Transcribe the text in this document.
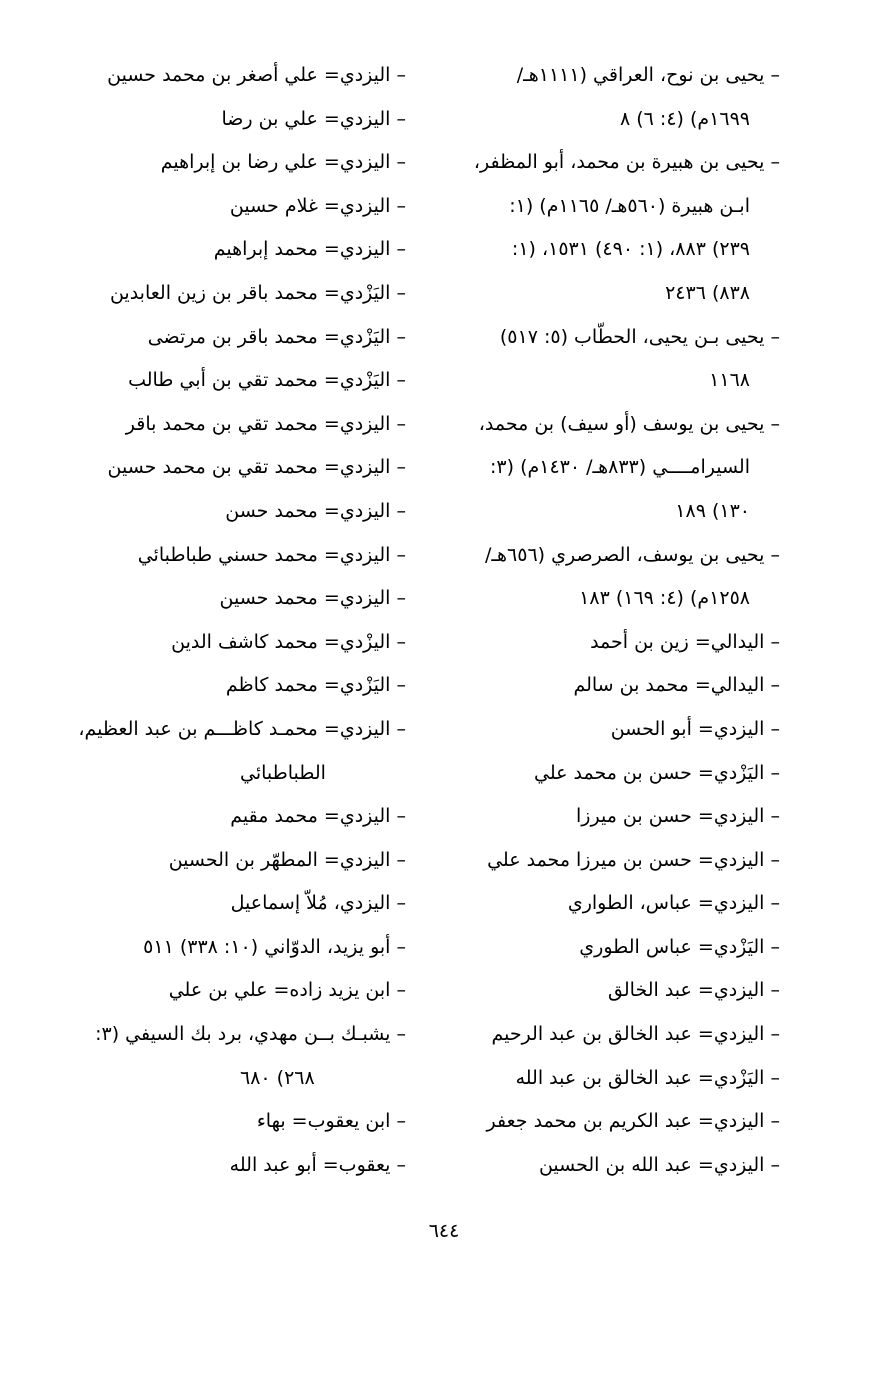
– يحيى بن نوح، العراقي (١١١١هـ/
١٦٩٩م) (٤: ٦) ٨
– يحيى بن هبيرة بن محمد، أبو المظفر،
ابـن هبيرة (٥٦٠هـ/ ١١٦٥م) (١:
٢٣٩) ٨٨٣، (١: ٤٩٠) ١٥٣١، (١:
٨٣٨) ٢٤٣٦
– يحيى بـن يحيى، الحطّاب (٥: ٥١٧)
١١٦٨
– يحيى بن يوسف (أو سيف) بن محمد،
السيرامــــي (٨٣٣هـ/ ١٤٣٠م) (٣:
١٣٠) ١٨٩
– يحيى بن يوسف، الصرصري (٦٥٦هـ/
١٢٥٨م) (٤: ١٦٩) ١٨٣
– اليدالي= زين بن أحمد
– اليدالي= محمد بن سالم
– اليزدي= أبو الحسن
– اليَزْدي= حسن بن محمد علي
– اليزدي= حسن بن ميرزا
– اليزدي= حسن بن ميرزا محمد علي
– اليزدي= عباس، الطواري
– اليَزْدي= عباس الطوري
– اليزدي= عبد الخالق
– اليزدي= عبد الخالق بن عبد الرحيم
– اليَزْدي= عبد الخالق بن عبد الله
– اليزدي= عبد الكريم بن محمد جعفر
– اليزدي= عبد الله بن الحسين
– اليزدي= علي أصغر بن محمد حسين
– اليزدي= علي بن رضا
– اليزدي= علي رضا بن إبراهيم
– اليزدي= غلام حسين
– اليزدي= محمد إبراهيم
– اليَزْدي= محمد باقر بن زين العابدين
– اليَزْدي= محمد باقر بن مرتضى
– اليَزْدي= محمد تقي بن أبي طالب
– اليزدي= محمد تقي بن محمد باقر
– اليزدي= محمد تقي بن محمد حسين
– اليزدي= محمد حسن
– اليزدي= محمد حسني طباطبائي
– اليزدي= محمد حسين
– اليزْدي= محمد كاشف الدين
– اليَزْدي= محمد كاظم
– اليزدي= محمـد كاظـــم بن عبد العظيم،
الطباطبائي
– اليزدي= محمد مقيم
– اليزدي= المطهّر بن الحسين
– اليزدي، مُلاّ إسماعيل
– أبو يزيد، الدوّاني (١٠: ٣٣٨) ٥١١
– ابن يزيد زاده= علي بن علي
– يشبـك بــن مهدي، برد بك السيفي (٣:
٢٦٨) ٦٨٠
– ابن يعقوب= بهاء
– يعقوب= أبو عبد الله
٦٤٤
